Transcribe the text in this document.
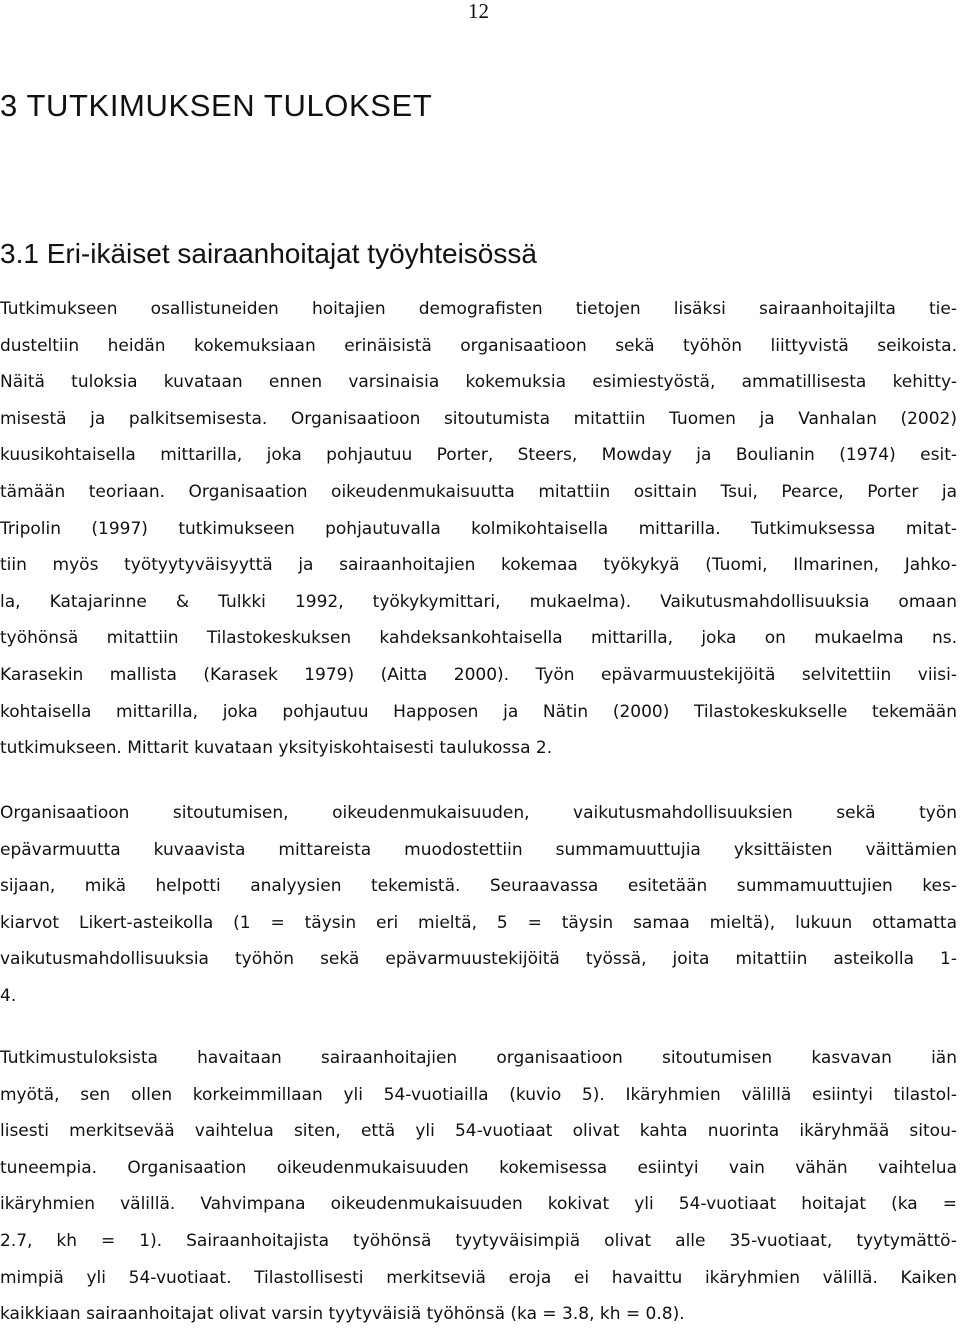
12
3 TUTKIMUKSEN TULOKSET
3.1 Eri-ikäiset sairaanhoitajat työyhteisössä
Tutkimukseen osallistuneiden hoitajien demografisten tietojen lisäksi sairaanhoitajilta tie-
dusteltiin heidän kokemuksiaan erinäisistä organisaatioon sekä työhön liittyvistä seikoista.
Näitä tuloksia kuvataan ennen varsinaisia kokemuksia esimiestyöstä, ammatillisesta kehitty-
misestä ja palkitsemisesta. Organisaatioon sitoutumista mitattiin Tuomen ja Vanhalan (2002)
kuusikohtaisella mittarilla, joka pohjautuu Porter, Steers, Mowday ja Boulianin (1974) esit-
tämään teoriaan. Organisaation oikeudenmukaisuutta mitattiin osittain Tsui, Pearce, Porter ja
Tripolin (1997) tutkimukseen pohjautuvalla kolmikohtaisella mittarilla. Tutkimuksessa mitat-
tiin myös työtyytyväisyyttä ja sairaanhoitajien kokemaa työkykyä (Tuomi, Ilmarinen, Jahko-
la, Katajarinne & Tulkki 1992, työkykymittari, mukaelma). Vaikutusmahdollisuuksia omaan
työhönsä mitattiin Tilastokeskuksen kahdeksankohtaisella mittarilla, joka on mukaelma ns.
Karasekin mallista (Karasek 1979) (Aitta 2000). Työn epävarmuustekijöitä selvitettiin viisi-
kohtaisella mittarilla, joka pohjautuu Happosen ja Nätin (2000) Tilastokeskukselle tekemään
tutkimukseen. Mittarit kuvataan yksityiskohtaisesti taulukossa 2.
Organisaatioon sitoutumisen, oikeudenmukaisuuden, vaikutusmahdollisuuksien sekä työn
epävarmuutta kuvaavista mittareista muodostettiin summamuuttujia yksittäisten väittämien
sijaan, mikä helpotti analyysien tekemistä. Seuraavassa esitetään summamuuttujien kes-
kiarvot Likert-asteikolla (1 = täysin eri mieltä, 5 = täysin samaa mieltä), lukuun ottamatta
vaikutusmahdollisuuksia työhön sekä epävarmuustekijöitä työssä, joita mitattiin asteikolla 1-
4.
Tutkimustuloksista havaitaan sairaanhoitajien organisaatioon sitoutumisen kasvavan iän
myötä, sen ollen korkeimmillaan yli 54-vuotiailla (kuvio 5). Ikäryhmien välillä esiintyi tilastol-
lisesti merkitsevää vaihtelua siten, että yli 54-vuotiaat olivat kahta nuorinta ikäryhmää sitou-
tuneempia. Organisaation oikeudenmukaisuuden kokemisessa esiintyi vain vähän vaihtelua
ikäryhmien välillä. Vahvimpana oikeudenmukaisuuden kokivat yli 54-vuotiaat hoitajat (ka =
2.7, kh = 1). Sairaanhoitajista työhönsä tyytyväisimpiä olivat alle 35-vuotiaat, tyytymättö-
mimpiä yli 54-vuotiaat. Tilastollisesti merkitseviä eroja ei havaittu ikäryhmien välillä. Kaiken
kaikkiaan sairaanhoitajat olivat varsin tyytyväisiä työhönsä (ka = 3.8, kh = 0.8).
